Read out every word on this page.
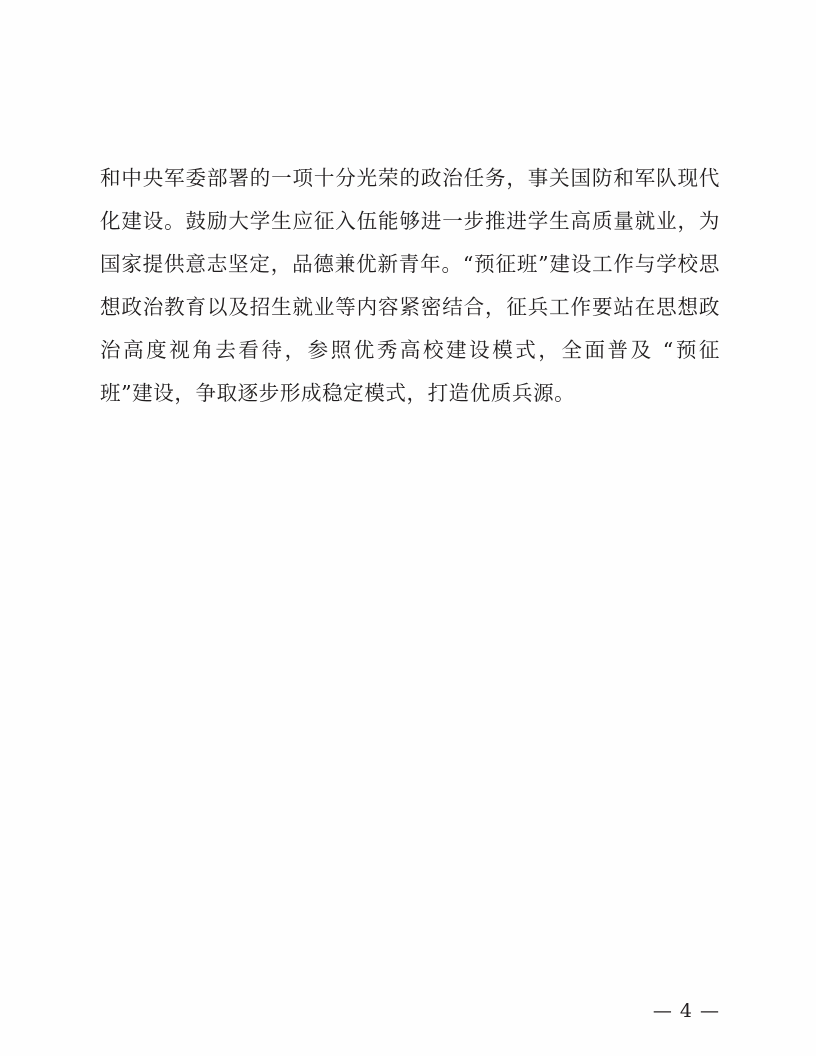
和中央军委部署的一项十分光荣的政治任务，事关国防和军队现代化建设。鼓励大学生应征入伍能够进一步推进学生高质量就业，为国家提供意志坚定，品德兼优新青年。“预征班”建设工作与学校思想政治教育以及招生就业等内容紧密结合，征兵工作要站在思想政治高度视角去看待，参照优秀高校建设模式，全面普及 “预征班”建设，争取逐步形成稳定模式，打造优质兵源。

— 4 —
